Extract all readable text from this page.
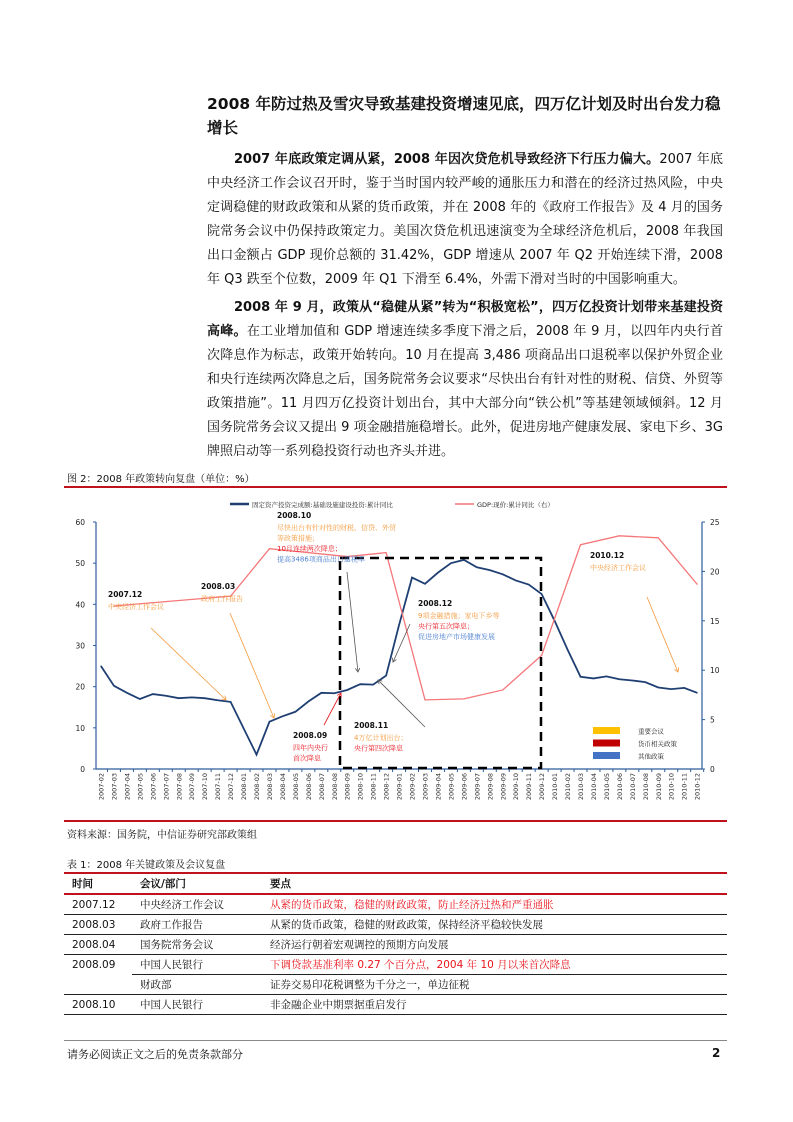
2008 年防过热及雪灾导致基建投资增速见底，四万亿计划及时出台发力稳增长
2007 年底政策定调从紧，2008 年因次贷危机导致经济下行压力偏大。2007 年底中央经济工作会议召开时，鉴于当时国内较严峻的通胀压力和潜在的经济过热风险，中央定调稳健的财政政策和从紧的货币政策，并在 2008 年的《政府工作报告》及 4 月的国务院常务会议中仍保持政策定力。美国次贷危机迅速演变为全球经济危机后，2008 年我国出口金额占 GDP 现价总额的 31.42%，GDP 增速从 2007 年 Q2 开始连续下滑，2008 年 Q3 跌至个位数，2009 年 Q1 下滑至 6.4%，外需下滑对当时的中国影响重大。
2008 年 9 月，政策从“稳健从紧”转为“积极宽松”，四万亿投资计划带来基建投资高峰。在工业增加值和 GDP 增速连续多季度下滑之后，2008 年 9 月，以四年内央行首次降息作为标志，政策开始转向。10 月在提高 3,486 项商品出口退税率以保护外贸企业和央行连续两次降息之后，国务院常务会议要求“尽快出台有针对性的财税、信贷、外贸等政策措施”。11 月四万亿投资计划出台，其中大部分向“铁公机”等基建领域倾斜。12 月国务院常务会议又提出 9 项金融措施稳增长。此外，促进房地产健康发展、家电下乡、3G 牌照启动等一系列稳投资行动也齐头并进。
图 2：2008 年政策转向复盘（单位：%）
0
10
20
30
40
50
60
0
5
10
15
20
25
2007-02 2007-03 2007-04 2007-05 2007-06 2007-07 2007-08 2007-09 2007-10 2007-11 2007-12 2008-01 2008-02 2008-03 2008-04 2008-05 2008-06 2008-07 2008-08 2008-09 2008-10 2008-11 2008-12 2009-01 2009-02 2009-03 2009-04 2009-05 2009-06 2009-07 2009-08 2009-09 2009-10 2009-11 2009-12 2010-01 2010-02 2010-03 2010-04 2010-05 2010-06 2010-07 2010-08 2010-09 2010-10 2010-11 2010-12
固定资产投资完成额:基础设施建设投资:累计同比	GDP:现价:累计同比（右）
2007.12
中央经济工作会议
2008.03
政府工作报告
2008.10
尽快出台有针对性的财税、信贷、外贸
等政策措施；
10月连续两次降息；
提高3486项商品出口退税率
2008.09
四年内央行
首次降息
2008.11
4万亿计划出台；
央行第四次降息
2008.12
9项金融措施；家电下乡等
央行第五次降息；
促进房地产市场健康发展
2010.12
中央经济工作会议
重要会议
货币相关政策
其他政策
资料来源：国务院，中信证券研究部政策组
表 1：2008 年关键政策及会议复盘
时间	会议/部门	要点
2007.12	中央经济工作会议	从紧的货币政策，稳健的财政政策，防止经济过热和严重通胀
2008.03	政府工作报告	从紧的货币政策，稳健的财政政策，保持经济平稳较快发展
2008.04	国务院常务会议	经济运行朝着宏观调控的预期方向发展
2008.09	中国人民银行	下调贷款基准利率 0.27 个百分点，2004 年 10 月以来首次降息
	财政部	证券交易印花税调整为千分之一，单边征税
2008.10	中国人民银行	非金融企业中期票据重启发行
请务必阅读正文之后的免责条款部分	2
